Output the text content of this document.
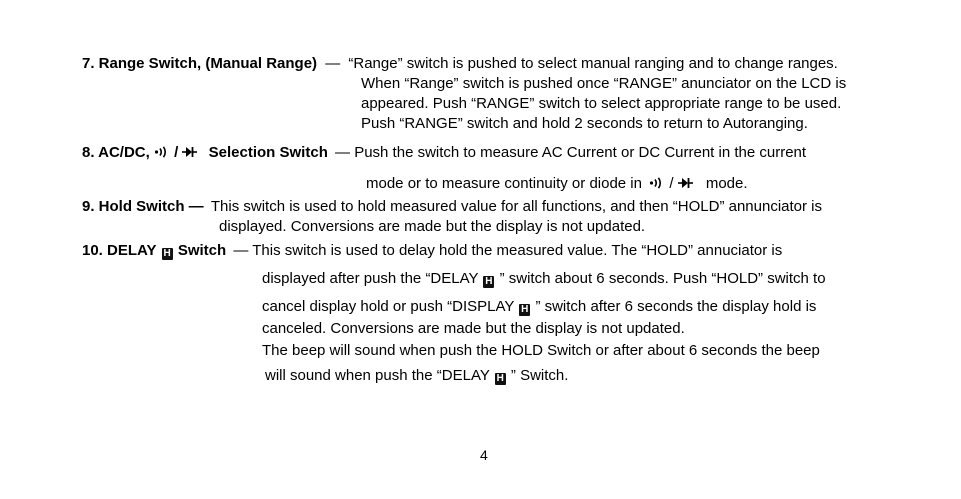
7. Range Switch, (Manual Range) — “Range” switch is pushed to select manual ranging and to change ranges.
When “Range” switch is pushed once “RANGE” anunciator on the LCD is
appeared. Push “RANGE” switch to select appropriate range to be used.
Push “RANGE” switch and hold 2 seconds to return to Autoranging.
8. AC/DC, / Selection Switch — Push the switch to measure AC Current or DC Current in the current
mode or to measure continuity or diode in / mode.
9. Hold Switch — This switch is used to hold measured value for all functions, and then “HOLD” annunciator is
displayed. Conversions are made but the display is not updated.
10. DELAY H Switch — This switch is used to delay hold the measured value. The “HOLD” annuciator is
displayed after push the “DELAY H ” switch about 6 seconds. Push “HOLD” switch to
cancel display hold or push “DISPLAY H ” switch after 6 seconds the display hold is
canceled. Conversions are made but the display is not updated.
The beep will sound when push the HOLD Switch or after about 6 seconds the beep
will sound when push the “DELAY H ” Switch.
4
